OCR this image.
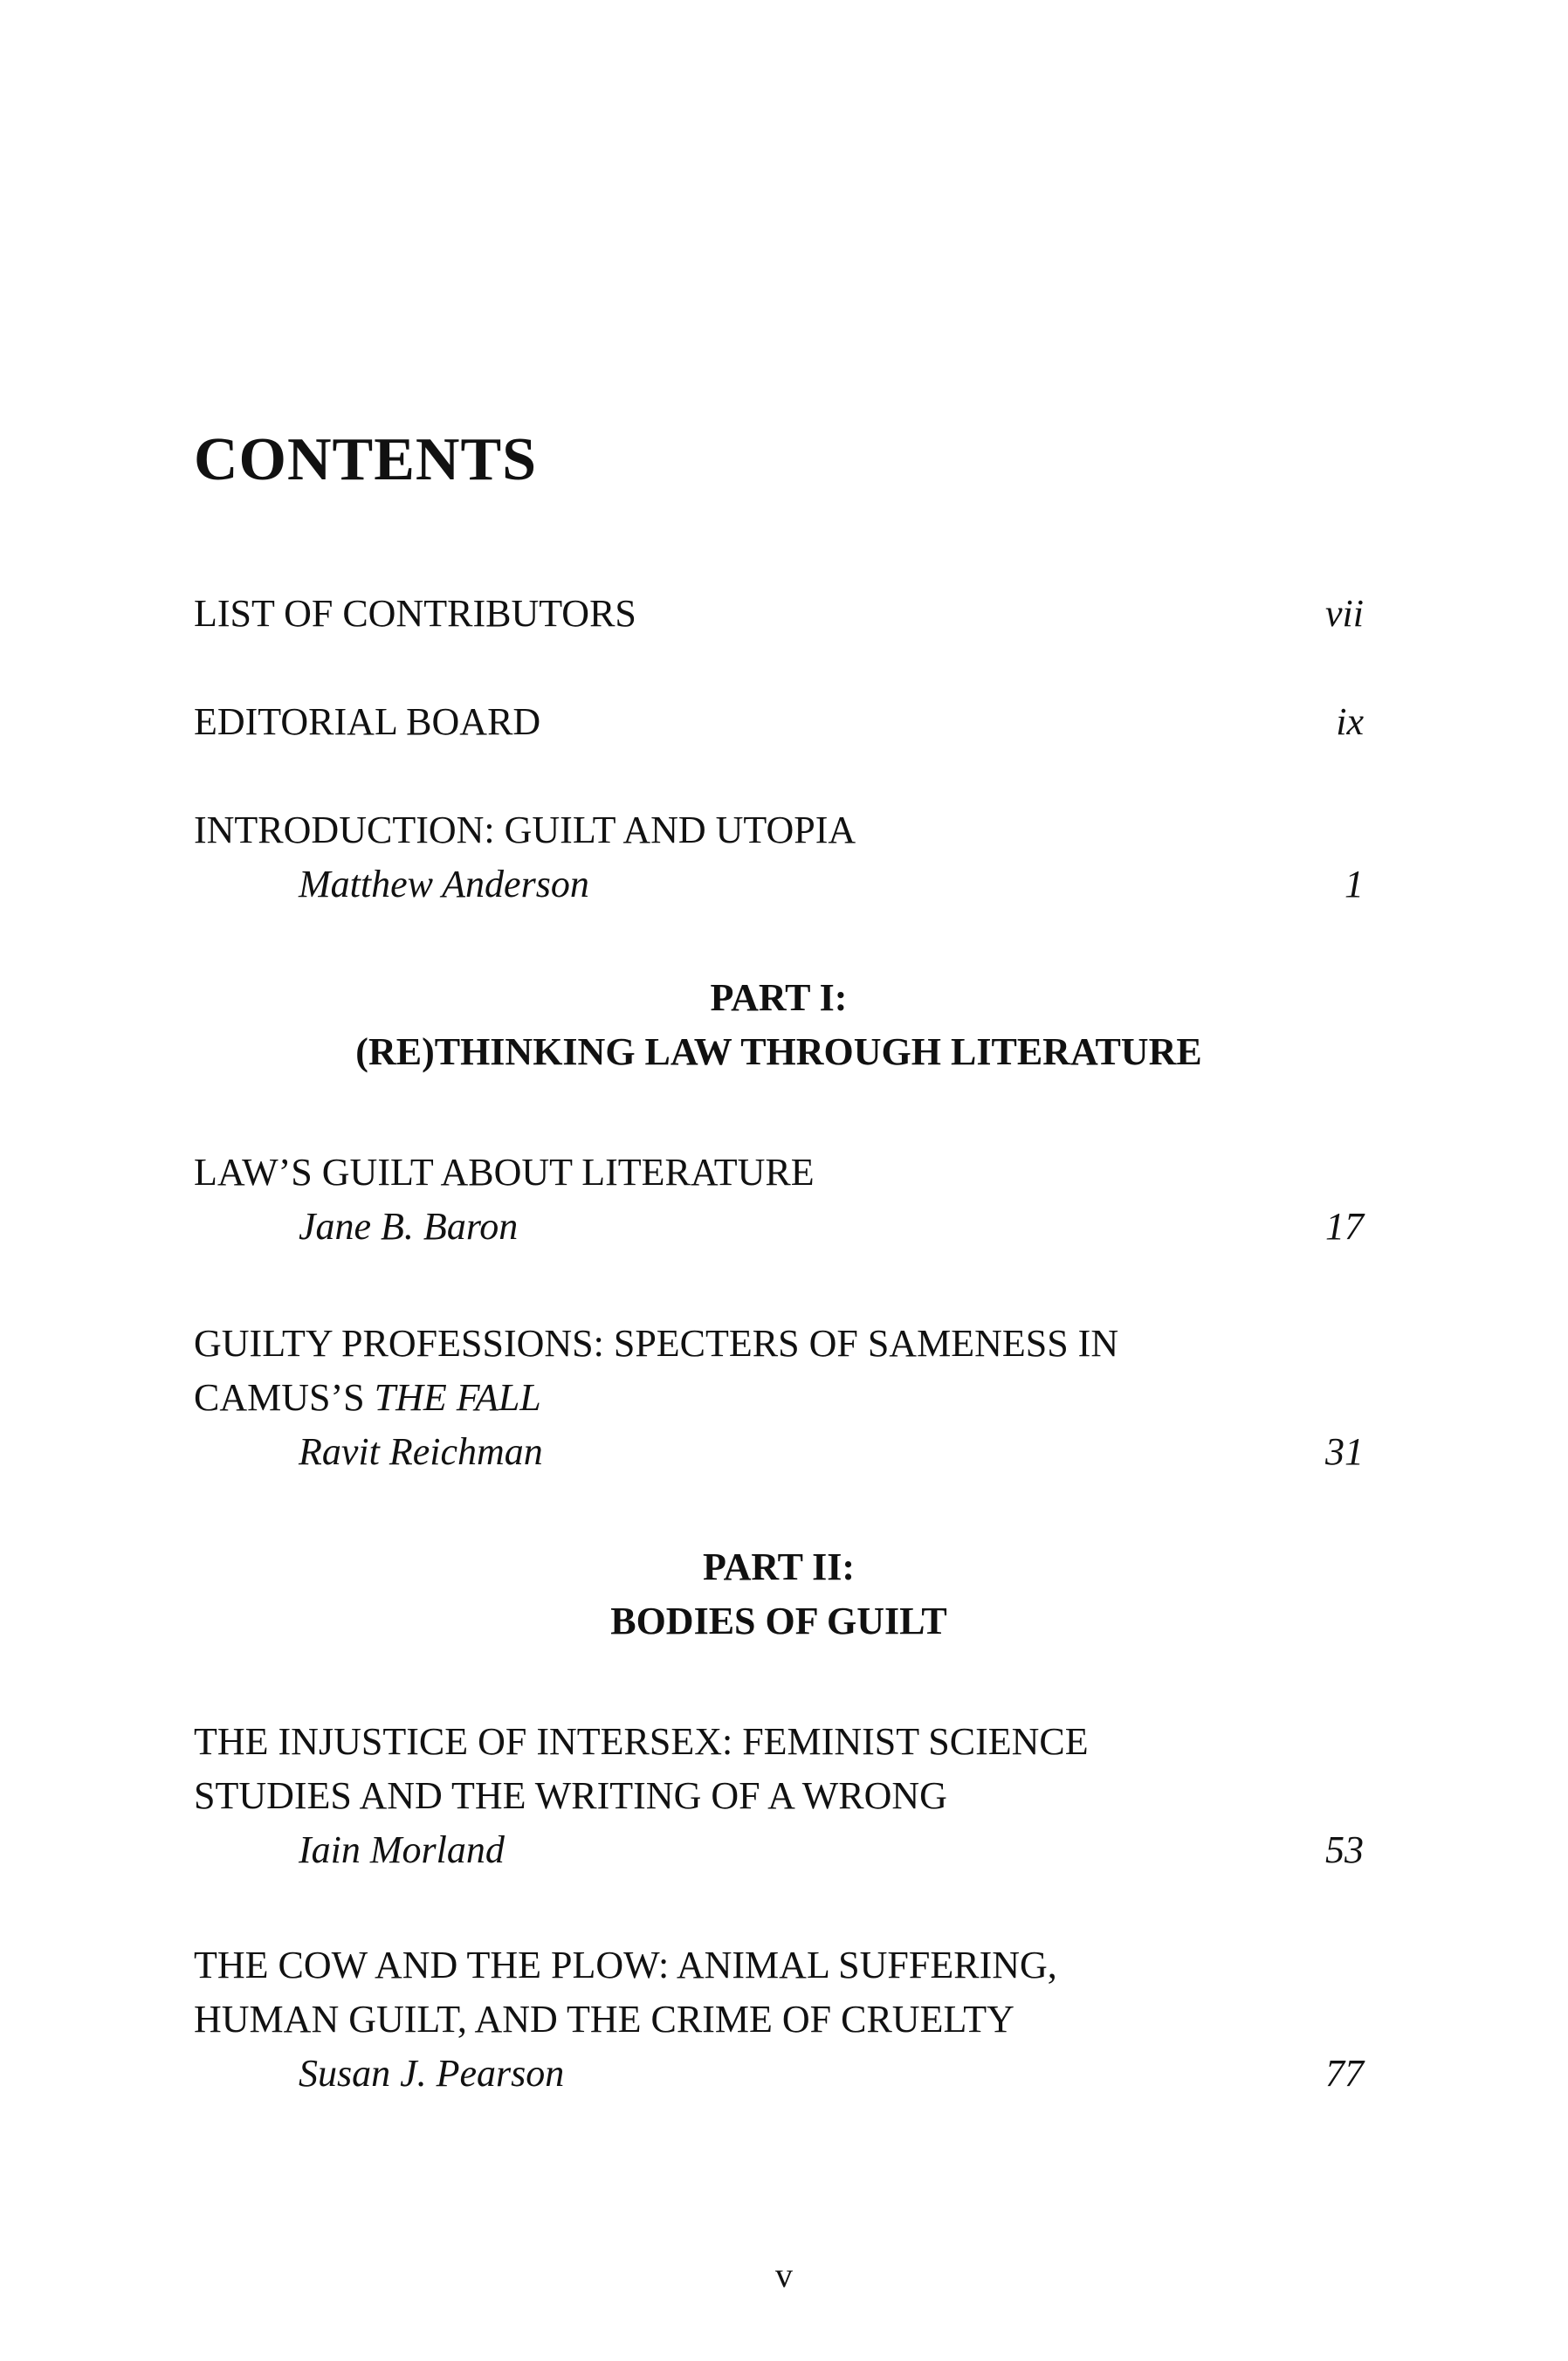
CONTENTS
LIST OF CONTRIBUTORS	vii
EDITORIAL BOARD	ix
INTRODUCTION: GUILT AND UTOPIA
Matthew Anderson	1
PART I:
(RE)THINKING LAW THROUGH LITERATURE
LAW’S GUILT ABOUT LITERATURE
Jane B. Baron	17
GUILTY PROFESSIONS: SPECTERS OF SAMENESS IN
CAMUS’S THE FALL
Ravit Reichman	31
PART II:
BODIES OF GUILT
THE INJUSTICE OF INTERSEX: FEMINIST SCIENCE
STUDIES AND THE WRITING OF A WRONG
Iain Morland	53
THE COW AND THE PLOW: ANIMAL SUFFERING,
HUMAN GUILT, AND THE CRIME OF CRUELTY
Susan J. Pearson	77
v
